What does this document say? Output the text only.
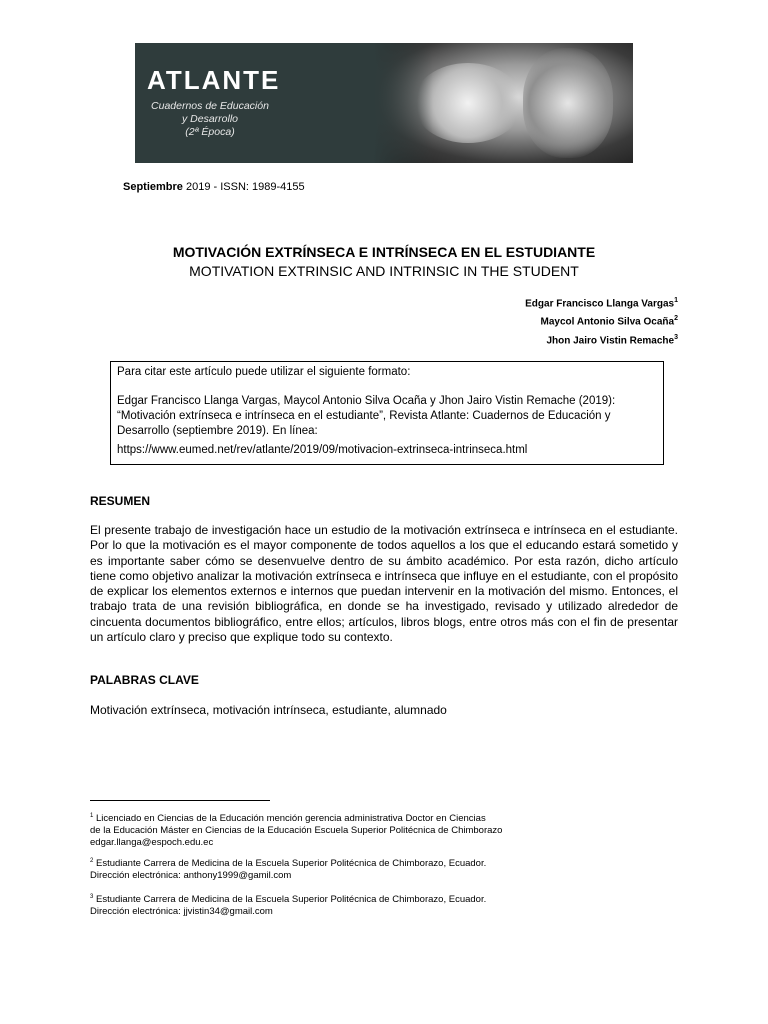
ATLANTE
Cuadernos de Educación
y Desarrollo
(2ª Época)
Septiembre 2019 - ISSN: 1989-4155
MOTIVACIÓN EXTRÍNSECA E INTRÍNSECA EN EL ESTUDIANTE
MOTIVATION EXTRINSIC AND INTRINSIC IN THE STUDENT
Edgar Francisco Llanga Vargas$^1$
Maycol Antonio Silva Ocaña$^2$
Jhon Jairo Vistin Remache$^3$
Para citar este artículo puede utilizar el siguiente formato:
Edgar Francisco Llanga Vargas, Maycol Antonio Silva Ocaña y Jhon Jairo Vistin Remache (2019): “Motivación extrínseca e intrínseca en el estudiante”, Revista Atlante: Cuadernos de Educación y Desarrollo (septiembre 2019). En línea:
https://www.eumed.net/rev/atlante/2019/09/motivacion-extrinseca-intrinseca.html
RESUMEN
El presente trabajo de investigación hace un estudio de la motivación extrínseca e intrínseca en el estudiante. Por lo que la motivación es el mayor componente de todos aquellos a los que el educando estará sometido y es importante saber cómo se desenvuelve dentro de su ámbito académico. Por esta razón, dicho artículo tiene como objetivo analizar la motivación extrínseca e intrínseca que influye en el estudiante, con el propósito de explicar los elementos externos e internos que puedan intervenir en la motivación del mismo. Entonces, el trabajo trata de una revisión bibliográfica, en donde se ha investigado, revisado y utilizado alrededor de cincuenta documentos bibliográfico, entre ellos; artículos, libros blogs, entre otros más con el fin de presentar un artículo claro y preciso que explique todo su contexto.
PALABRAS CLAVE
Motivación extrínseca, motivación intrínseca, estudiante, alumnado
$^1$ Licenciado en Ciencias de la Educación mención gerencia administrativa Doctor en Ciencias
de la Educación Máster en Ciencias de la Educación Escuela Superior Politécnica de Chimborazo
edgar.llanga@espoch.edu.ec
$^2$ Estudiante Carrera de Medicina de la Escuela Superior Politécnica de Chimborazo, Ecuador.
Dirección electrónica: anthony1999@gamil.com
$^3$ Estudiante Carrera de Medicina de la Escuela Superior Politécnica de Chimborazo, Ecuador.
Dirección electrónica: jjvistin34@gmail.com
